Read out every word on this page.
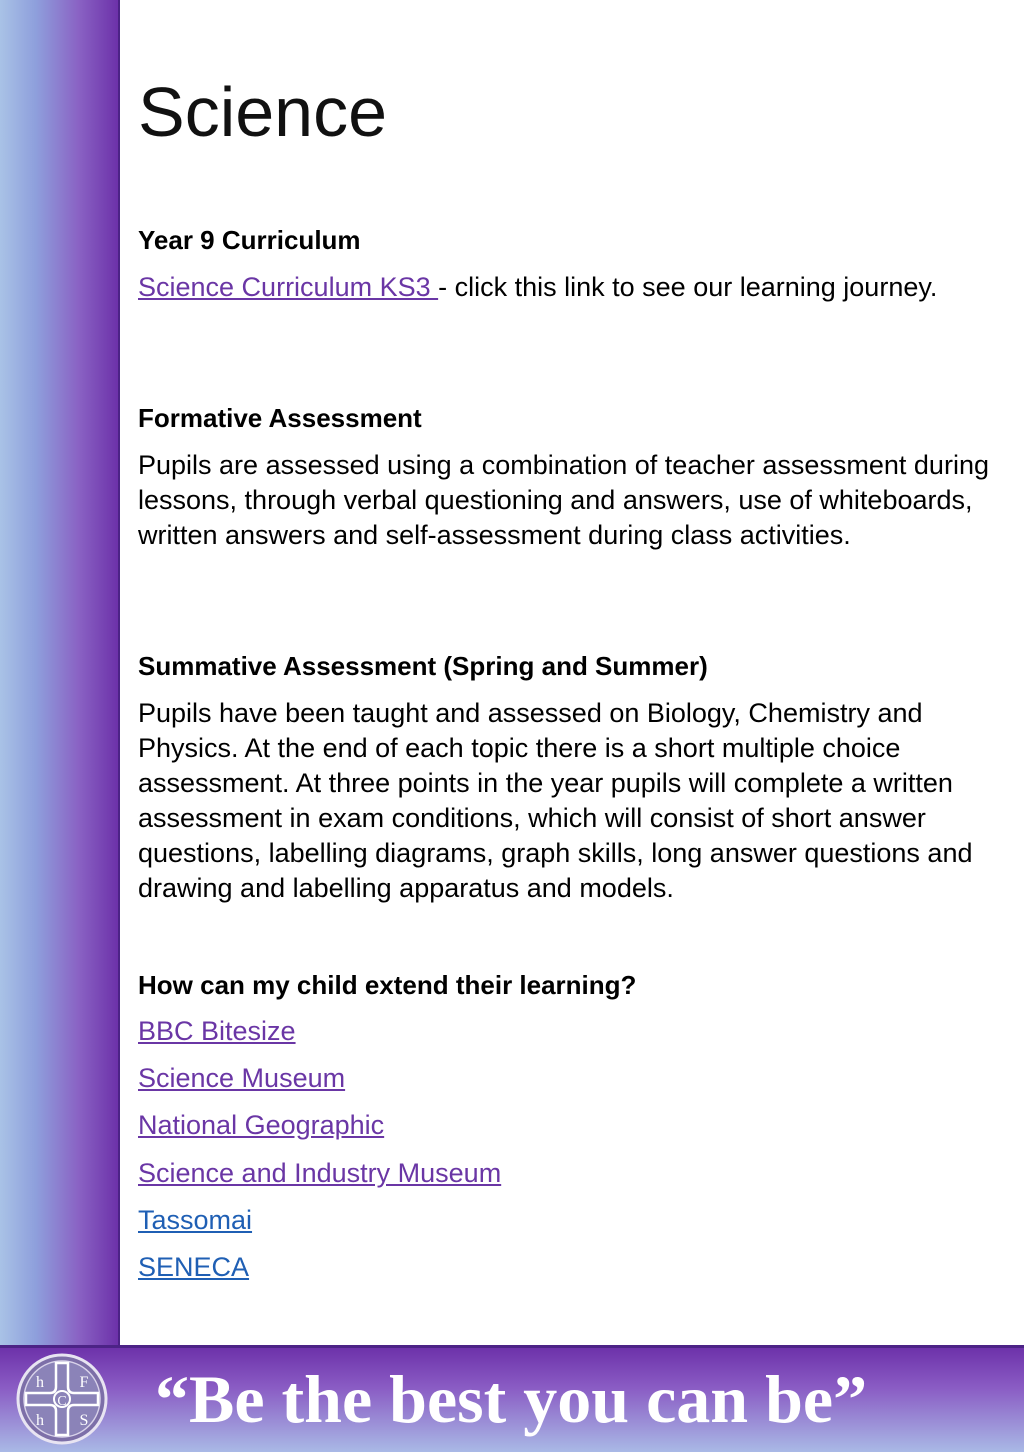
Science
Year 9 Curriculum

Science Curriculum KS3 - click this link to see our learning journey.

Formative Assessment

Pupils are assessed using a combination of teacher assessment during lessons, through verbal questioning and answers, use of whiteboards, written answers and self-assessment during class activities.

Summative Assessment (Spring and Summer)

Pupils have been taught and assessed on Biology, Chemistry and Physics. At the end of each topic there is a short multiple choice assessment. At three points in the year pupils will complete a written assessment in exam conditions, which will consist of short answer questions, labelling diagrams, graph skills, long answer questions and drawing and labelling apparatus and models.

How can my child extend their learning?
BBC Bitesize
Science Museum
National Geographic
Science and Industry Museum
Tassomai
SENECA
h F
C
h S “Be the best you can be”
